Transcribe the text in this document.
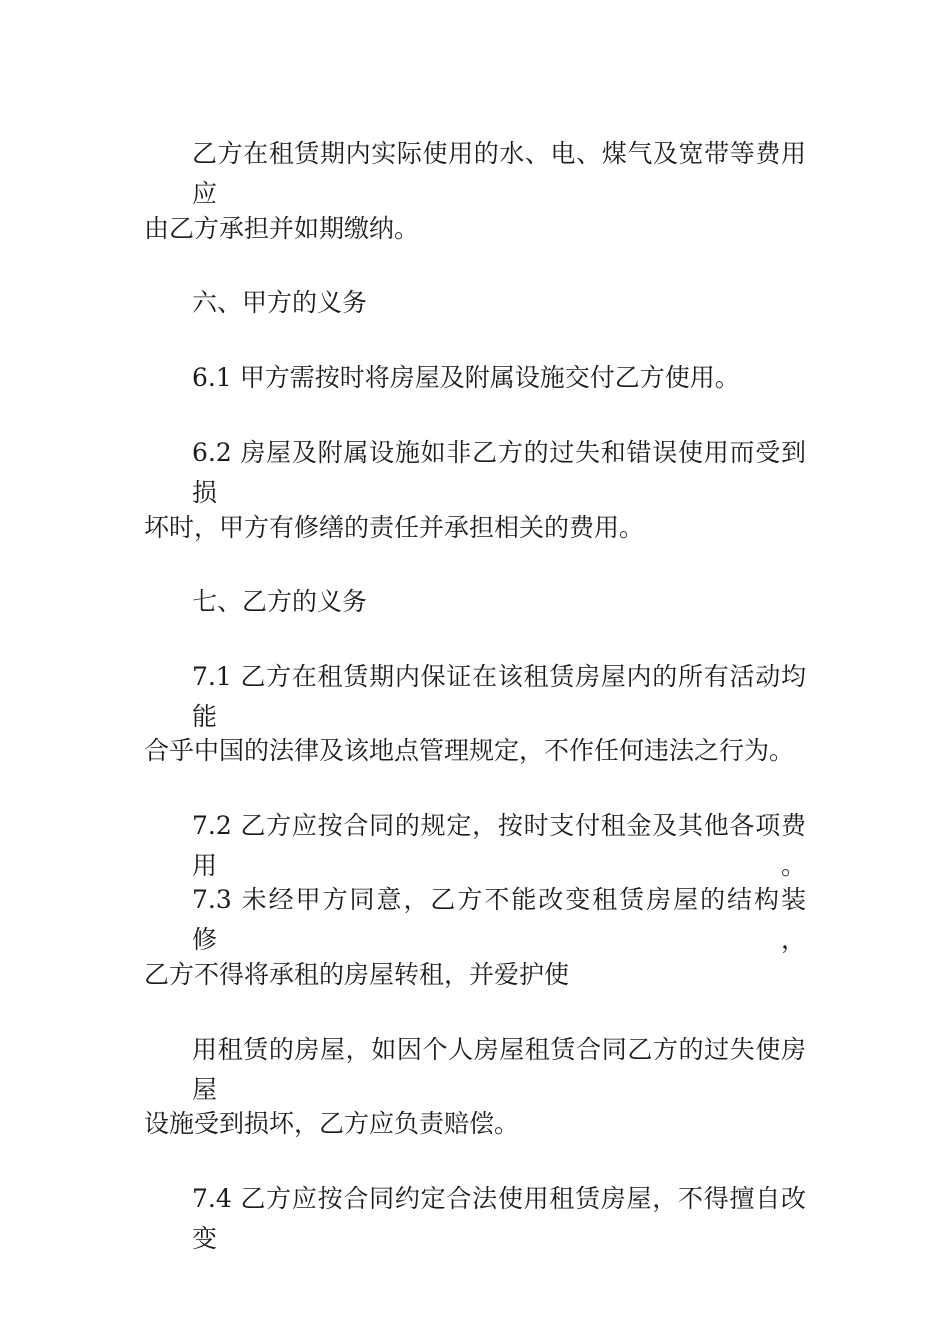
乙方在租赁期内实际使用的水、电、煤气及宽带等费用应
由乙方承担并如期缴纳。
六、甲方的义务
6.1 甲方需按时将房屋及附属设施交付乙方使用。
6.2 房屋及附属设施如非乙方的过失和错误使用而受到损
坏时，甲方有修缮的责任并承担相关的费用。
七、乙方的义务
7.1 乙方在租赁期内保证在该租赁房屋内的所有活动均能
合乎中国的法律及该地点管理规定，不作任何违法之行为。
7.2 乙方应按合同的规定，按时支付租金及其他各项费用。
7.3 未经甲方同意，乙方不能改变租赁房屋的结构装修，
乙方不得将承租的房屋转租，并爱护使
用租赁的房屋，如因个人房屋租赁合同乙方的过失使房屋
设施受到损坏，乙方应负责赔偿。
7.4 乙方应按合同约定合法使用租赁房屋，不得擅自改变
